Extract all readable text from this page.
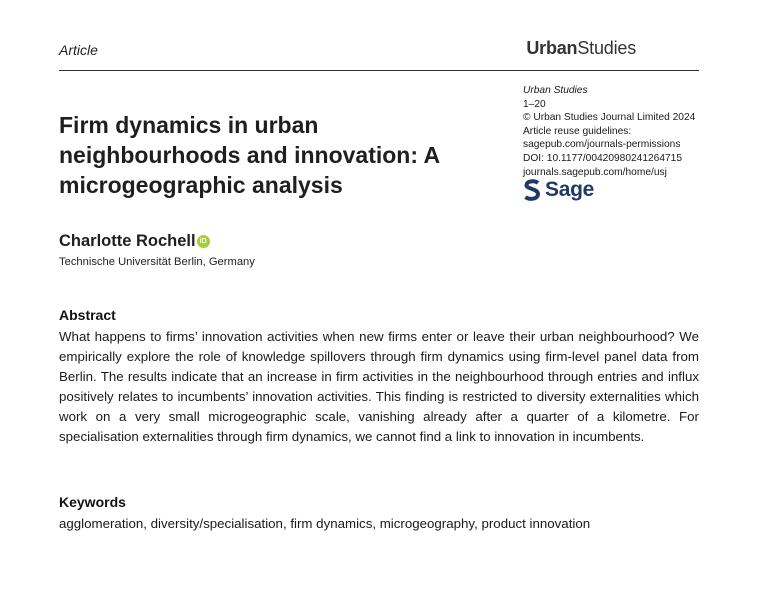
Article	UrbanStudies
Firm dynamics in urban neighbourhoods and innovation: A microgeographic analysis
Urban Studies
1–20
© Urban Studies Journal Limited 2024
Article reuse guidelines:
sagepub.com/journals-permissions
DOI: 10.1177/00420980241264715
journals.sagepub.com/home/usj
Sage
Charlotte Rochell iD
Technische Universität Berlin, Germany
Abstract
What happens to firms’ innovation activities when new firms enter or leave their urban neighbourhood? We empirically explore the role of knowledge spillovers through firm dynamics using firm-level panel data from Berlin. The results indicate that an increase in firm activities in the neighbourhood through entries and influx positively relates to incumbents’ innovation activities. This finding is restricted to diversity externalities which work on a very small microgeographic scale, vanishing already after a quarter of a kilometre. For specialisation externalities through firm dynamics, we cannot find a link to innovation in incumbents.
Keywords
agglomeration, diversity/specialisation, firm dynamics, microgeography, product innovation
